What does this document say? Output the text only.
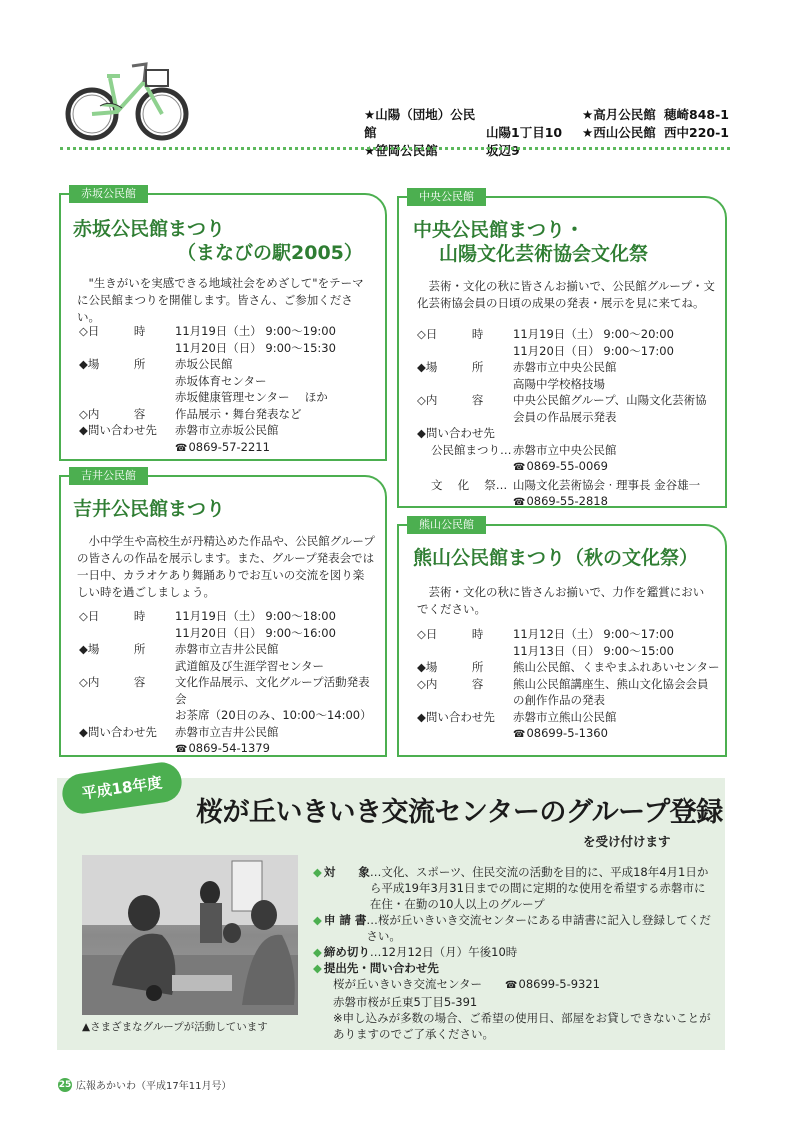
★山陽（団地）公民館	山陽1丁目10
★笹岡公民館	坂辺9
★高月公民館 穂崎848-1
★西山公民館 西中220-1
赤坂公民館
赤坂公民館まつり
（まなびの駅2005）
"生きがいを実感できる地域社会をめざして"をテーマに公民館まつりを開催します。皆さん、ご参加ください。
◇日　　　時	11月19日（土） 9:00〜19:00
11月20日（日） 9:00〜15:30
◆場　　　所	赤坂公民館
赤坂体育センター
赤坂健康管理センター　 ほか
◇内　　　容	作品展示・舞台発表など
◆問い合わせ先	赤磐市立赤坂公民館
☎0869-57-2211
吉井公民館
吉井公民館まつり
小中学生や高校生が丹精込めた作品や、公民館グループの皆さんの作品を展示します。また、グループ発表会では一日中、カラオケあり舞踊ありでお互いの交流を図り楽しい時を過ごしましょう。
◇日　　　時	11月19日（土） 9:00〜18:00
11月20日（日） 9:00〜16:00
◆場　　　所	赤磐市立吉井公民館
武道館及び生涯学習センター
◇内　　　容	文化作品展示、文化グループ活動発表会
お茶席（20日のみ、10:00〜14:00）
◆問い合わせ先	赤磐市立吉井公民館
☎0869-54-1379
中央公民館
中央公民館まつり・
山陽文化芸術協会文化祭
芸術・文化の秋に皆さんお揃いで、公民館グループ・文化芸術協会員の日頃の成果の発表・展示を見に来てね。
◇日　　　時	11月19日（土） 9:00〜20:00
11月20日（日） 9:00〜17:00
◆場　　　所	赤磐市立中央公民館
高陽中学校格技場
◇内　　　容	中央公民館グループ、山陽文化芸術協
会員の作品展示発表
◆問い合わせ先
公民館まつり… 赤磐市立中央公民館
☎0869-55-0069
文　 化　 祭… 山陽文化芸術協会 · 理事長 金谷雄一
☎0869-55-2818
熊山公民館
熊山公民館まつり（秋の文化祭）
芸術・文化の秋に皆さんお揃いで、力作を鑑賞においでください。
◇日　　　時	11月12日（土） 9:00〜17:00
11月13日（日） 9:00〜15:00
◆場　　　所	熊山公民館、くまやまふれあいセンター
◇内　　　容	熊山公民館講座生、熊山文化協会会員
の創作作品の発表
◆問い合わせ先	赤磐市立熊山公民館
☎08699-5-1360
平成18年度
桜が丘いきいき交流センターのグループ登録
を受け付けます
▲さまざまなグループが活動しています
◆ 対　　象 …文化、スポーツ、住民交流の活動を目的に、平成18年4月1日から平成19年3月31日までの間に定期的な使用を希望する赤磐市に在住・在勤の10人以上のグループ
◆ 申 請 書 …桜が丘いきいき交流センターにある申請書に記入し登録してください。
◆ 締め切り …12月12日（月）午後10時
◆ 提出先・問い合わせ先
桜が丘いきいき交流センター　　 ☎08699-5-9321
赤磐市桜が丘東5丁目5-391
※申し込みが多数の場合、ご希望の使用日、部屋をお貸しできないことがありますのでご了承ください。
25 広報あかいわ（平成17年11月号）
